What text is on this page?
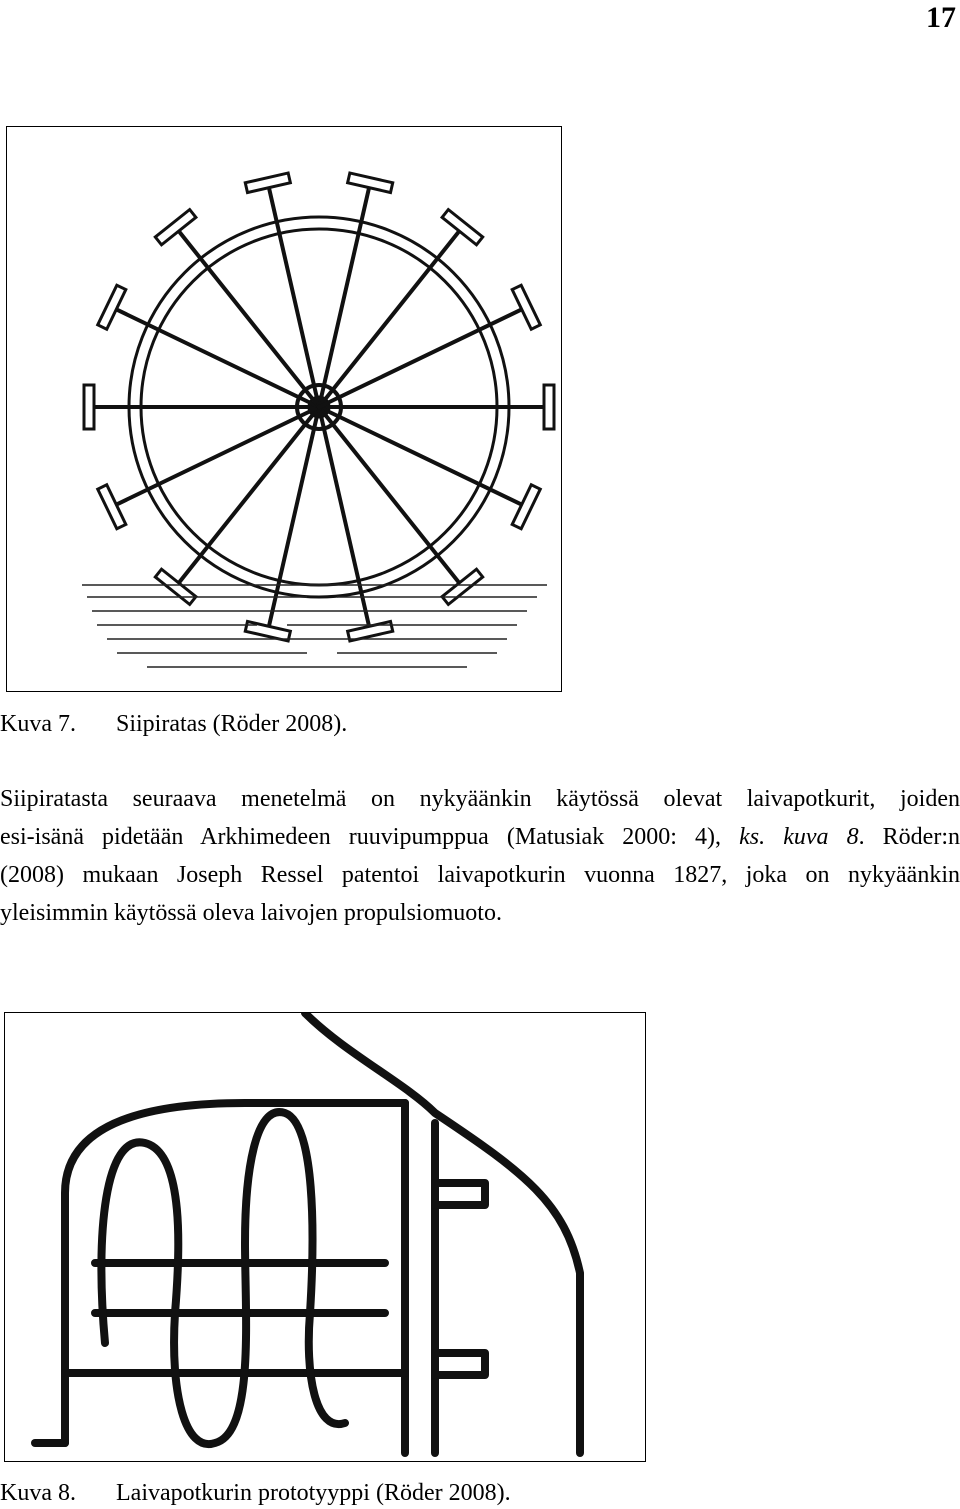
17
Kuva 7. Siipiratas (Röder 2008).
Siipiratasta seuraava menetelmä on nykyäänkin käytössä olevat laivapotkurit, joiden
esi-isänä pidetään Arkhimedeen ruuvipumppua (Matusiak 2000: 4), ks. kuva 8. Röder:n
(2008) mukaan Joseph Ressel patentoi laivapotkurin vuonna 1827, joka on nykyäänkin
yleisimmin käytössä oleva laivojen propulsiomuoto.
Kuva 8. Laivapotkurin prototyyppi (Röder 2008).
